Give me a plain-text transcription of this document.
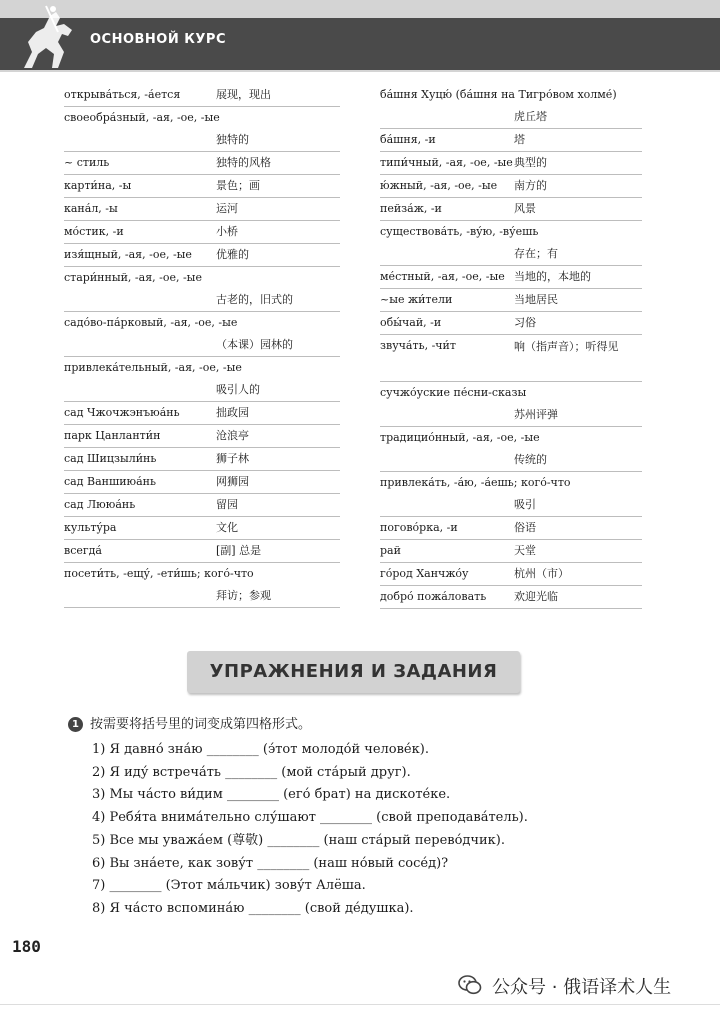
ОСНОВНОЙ КУРС
открыва́ться, -а́ется	展现，现出
своеобра́зный, -ая, -ое, -ые
独特的
~ стиль	独特的风格
карти́на, -ы	景色；画
кана́л, -ы	运河
мо́стик, -и	小桥
изя́щный, -ая, -ое, -ые 优雅的
стари́нный, -ая, -ое, -ые
古老的，旧式的
садо́во-па́рковый, -ая, -ое, -ые
（本课）园林的
привлека́тельный, -ая, -ое, -ые
吸引人的
сад Чжочжэнъюа́нь	拙政园
парк Цанланти́н	沧浪亭
сад Шицзыли́нь	狮子林
сад Ваншиюа́нь	网狮园
сад Лююа́нь	留园
культу́ра	文化
всегда́	[副] 总是
посети́ть, -ещу́, -ети́шь; кого́-что
拜访；参观
ба́шня Хуцю́ (ба́шня на Тигро́вом холме́)
虎丘塔
ба́шня, -и	塔
типи́чный, -ая, -ое, -ые 典型的
ю́жный, -ая, -ое, -ые 南方的
пейза́ж, -и	风景
существова́ть, -ву́ю, -ву́ешь
存在；有
ме́стный, -ая, -ое, -ые 当地的，本地的
~ые жи́тели	当地居民
обы́чай, -и	习俗
звуча́ть, -чи́т	响（指声音）；听得见
сучжо́уские пе́сни-сказы
苏州评弹
традицио́нный, -ая, -ое, -ые
传统的
привлека́ть, -а́ю, -а́ешь; кого́-что
吸引
погово́рка, -и	俗语
рай	天堂
го́род Ханчжо́у	杭州（市）
добро́ пожа́ловать	欢迎光临
УПРАЖНЕНИЯ И ЗАДАНИЯ
1 按需要将括号里的词变成第四格形式。
1) Я давно́ зна́ю ________ (э́тот молодо́й челове́к).
2) Я иду́ встреча́ть ________ (мой ста́рый друг).
3) Мы ча́сто ви́дим ________ (его́ брат) на дискоте́ке.
4) Ребя́та внима́тельно слу́шают ________ (свой преподава́тель).
5) Все мы уважа́ем (尊敬) ________ (наш ста́рый перево́дчик).
6) Вы зна́ете, как зову́т ________ (наш но́вый сосе́д)?
7) ________ (Этот ма́льчик) зову́т Алёша.
8) Я ча́сто вспомина́ю ________ (свой де́душка).
180
公众号 · 俄语译术人生
